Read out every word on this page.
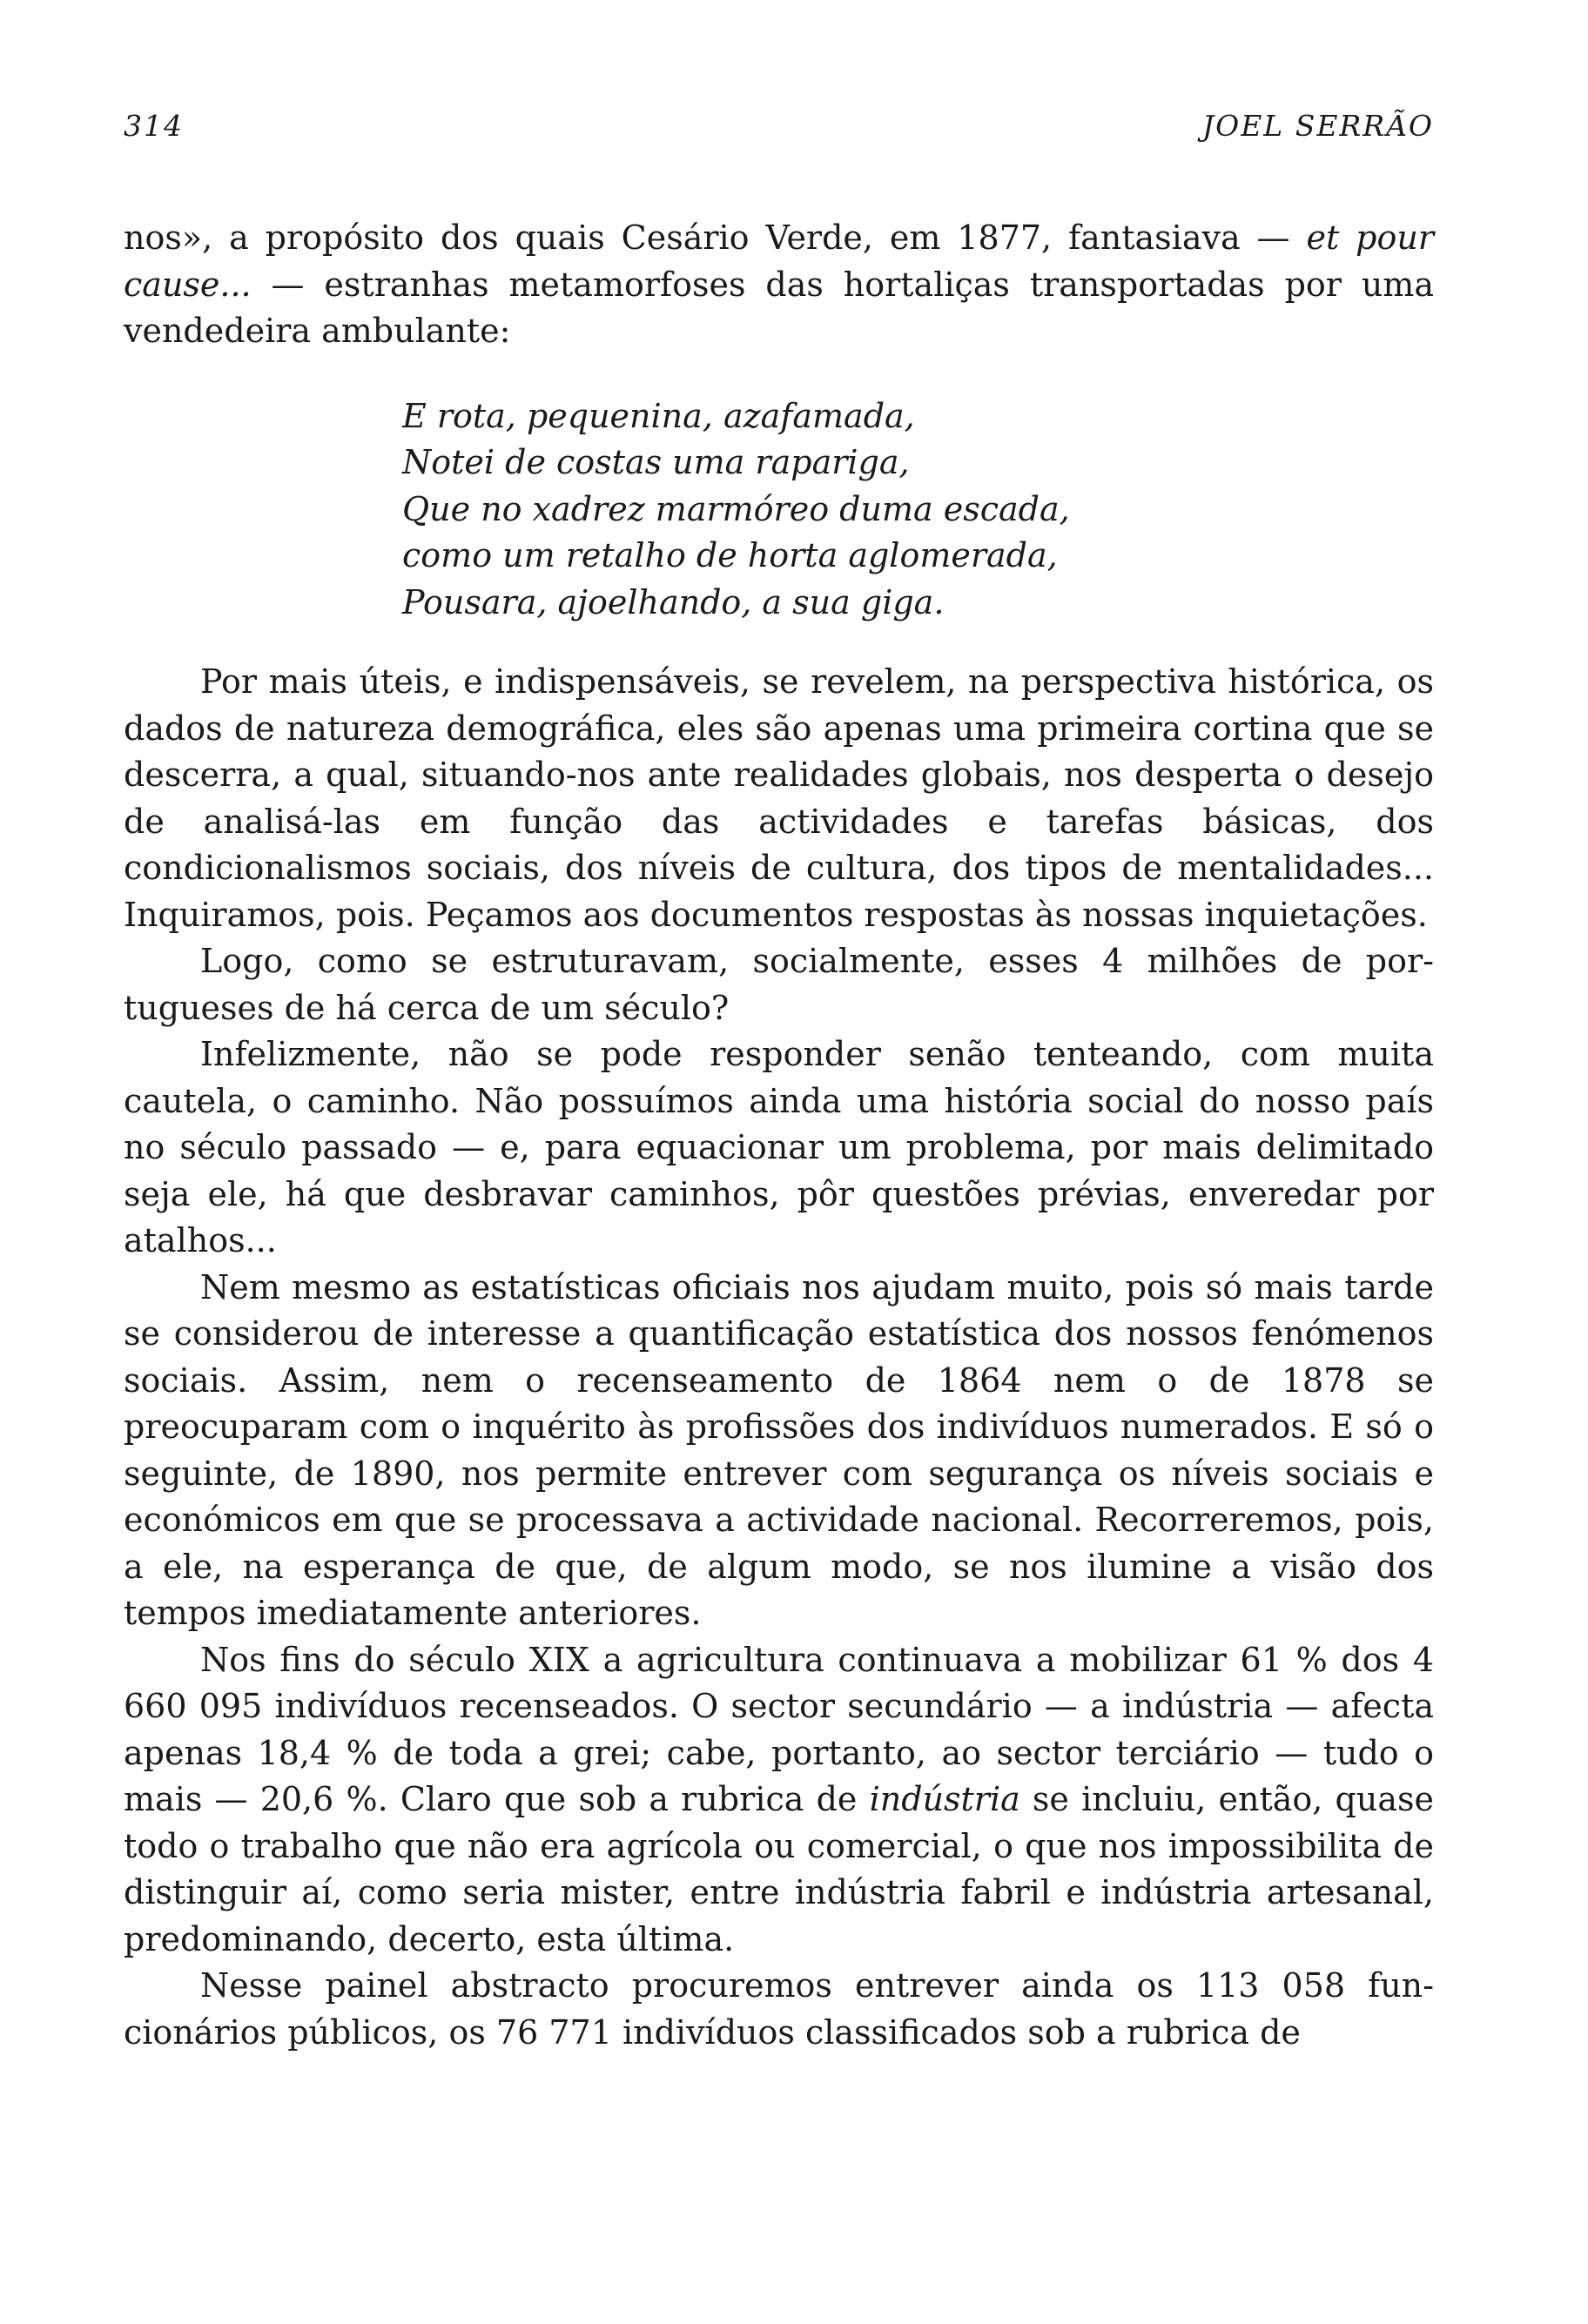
314	JOEL SERRÃO

nos», a propósito dos quais Cesário Verde, em 1877, fantasiava — et pour cause... — estranhas metamorfoses das hortaliças transportadas por uma vendedeira ambulante:

E rota, pequenina, azafamada,
Notei de costas uma rapariga,
Que no xadrez marmóreo duma escada,
como um retalho de horta aglomerada,
Pousara, ajoelhando, a sua giga.

Por mais úteis, e indispensáveis, se revelem, na perspectiva histórica, os dados de natureza demográfica, eles são apenas uma primeira cortina que se descerra, a qual, situando-nos ante realidades globais, nos desperta o desejo de analisá-las em função das actividades e tarefas básicas, dos condicionalismos sociais, dos níveis de cultura, dos tipos de mentalidades... Inquiramos, pois. Peçamos aos documentos respostas às nossas inquietações.

Logo, como se estruturavam, socialmente, esses 4 milhões de portugueses de há cerca de um século?

Infelizmente, não se pode responder senão tenteando, com muita cautela, o caminho. Não possuímos ainda uma história social do nosso país no século passado — e, para equacionar um problema, por mais delimitado seja ele, há que desbravar caminhos, pôr questões prévias, enveredar por atalhos...

Nem mesmo as estatísticas oficiais nos ajudam muito, pois só mais tarde se considerou de interesse a quantificação estatística dos nossos fenómenos sociais. Assim, nem o recenseamento de 1864 nem o de 1878 se preocuparam com o inquérito às profissões dos indivíduos numerados. E só o seguinte, de 1890, nos permite entrever com segurança os níveis sociais e económicos em que se processava a actividade nacional. Recorreremos, pois, a ele, na esperança de que, de algum modo, se nos ilumine a visão dos tempos imediatamente anteriores.

Nos fins do século XIX a agricultura continuava a mobilizar 61 % dos 4 660 095 indivíduos recenseados. O sector secundário — a indústria — afecta apenas 18,4 % de toda a grei; cabe, portanto, ao sector terciário — tudo o mais — 20,6 %. Claro que sob a rubrica de indústria se incluiu, então, quase todo o trabalho que não era agrícola ou comercial, o que nos impossibilita de distinguir aí, como seria mister, entre indústria fabril e indústria artesanal, predominando, decerto, esta última.

Nesse painel abstracto procuremos entrever ainda os 113 058 funcionários públicos, os 76 771 indivíduos classificados sob a rubrica de
